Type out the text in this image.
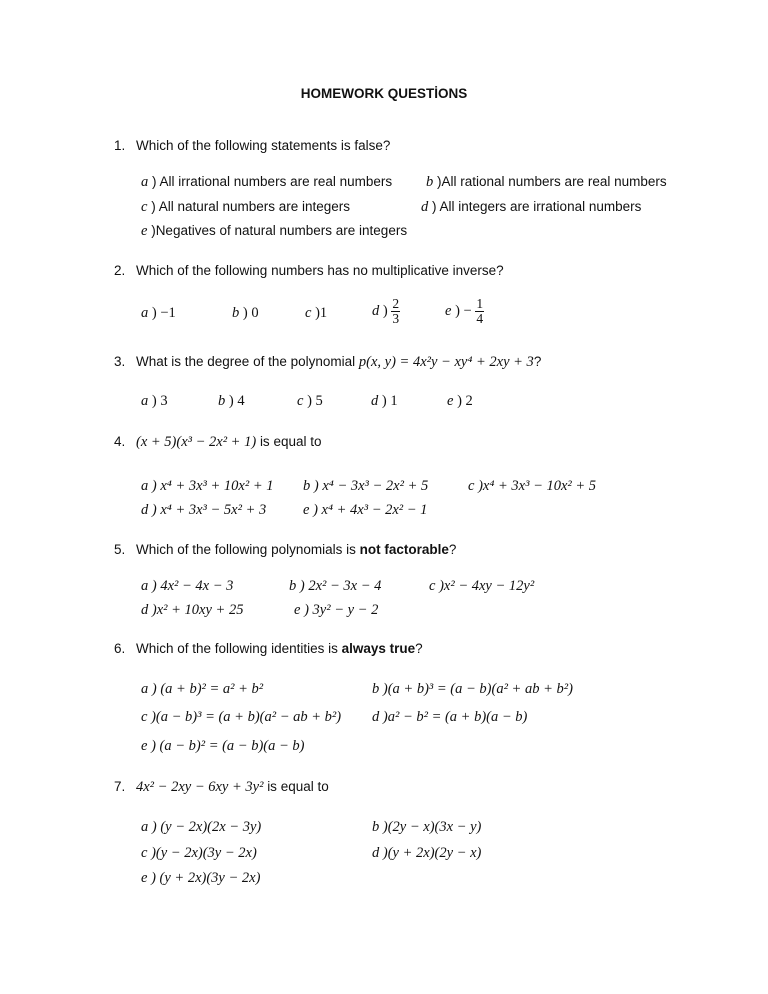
HOMEWORK QUESTİONS
1. Which of the following statements is false?
a ) All irrational numbers are real numbers b )All rational numbers are real numbers
c ) All natural numbers are integers	d ) All integers are irrational numbers
e )Negatives of natural numbers are integers
2. Which of the following numbers has no multiplicative inverse?
a ) −1	b ) 0	c )1	d ) $\frac{2}{3}$	e ) − $\frac{1}{4}$
3. What is the degree of the polynomial p(x, y) = 4x²y − xy⁴ + 2xy + 3?
a ) 3	b ) 4	c ) 5	d ) 1	e ) 2
4. (x + 5)(x³ − 2x² + 1) is equal to
a ) x⁴ + 3x³ + 10x² + 1 b ) x⁴ − 3x³ − 2x² + 5	c )x⁴ + 3x³ − 10x² + 5
d ) x⁴ + 3x³ − 5x² + 3	e ) x⁴ + 4x³ − 2x² − 1
5. Which of the following polynomials is not factorable?
a ) 4x² − 4x − 3	b ) 2x² − 3x − 4	c )x² − 4xy − 12y²
d )x² + 10xy + 25	e ) 3y² − y − 2
6. Which of the following identities is always true?
a ) (a + b)² = a² + b²	b )(a + b)³ = (a − b)(a² + ab + b²)
c )(a − b)³ = (a + b)(a² − ab + b²) d )a² − b² = (a + b)(a − b)
e ) (a − b)² = (a − b)(a − b)
7. 4x² − 2xy − 6xy + 3y² is equal to
a ) (y − 2x)(2x − 3y)	b )(2y − x)(3x − y)
c )(y − 2x)(3y − 2x)	d )(y + 2x)(2y − x)
e ) (y + 2x)(3y − 2x)
